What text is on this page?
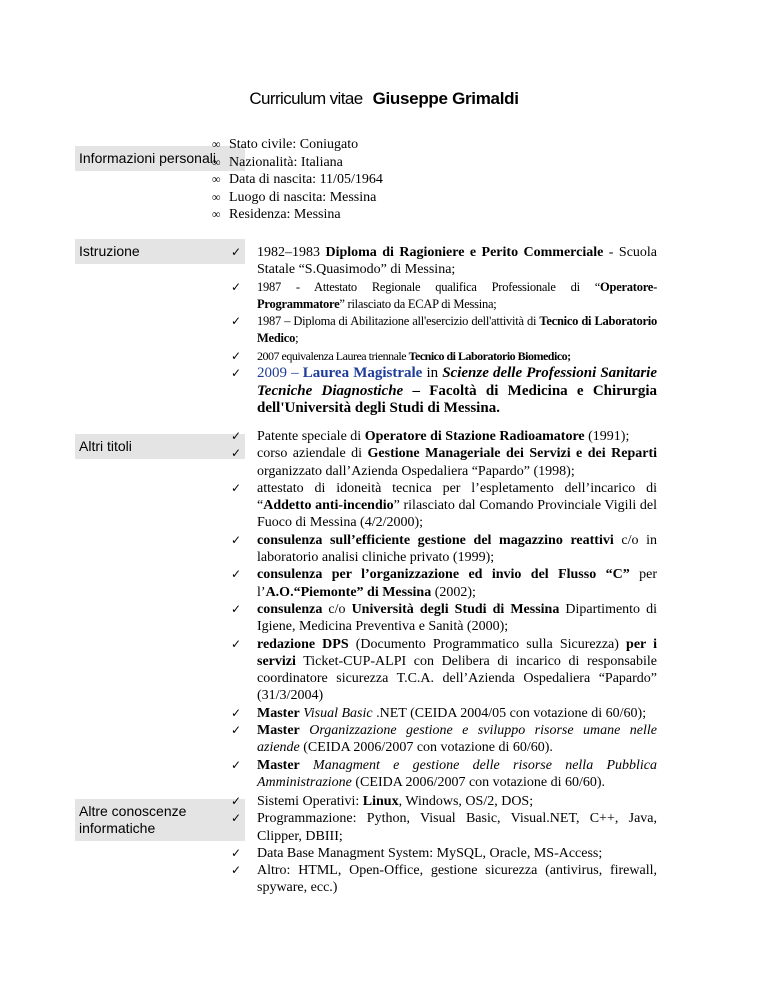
Curriculum vitae Giuseppe Grimaldi
Informazioni personali
∞ Stato civile: Coniugato
∞ Nazionalità: Italiana
∞ Data di nascita: 11/05/1964
∞ Luogo di nascita: Messina
∞ Residenza: Messina
Istruzione
✓	1982–1983 Diploma di Ragioniere e Perito Commerciale - Scuola Statale “S.Quasimodo” di Messina;
✓ 1987 - Attestato Regionale qualifica Professionale di “Operatore-Programmatore” rilasciato da ECAP di Messina;
✓ 1987 – Diploma di Abilitazione all'esercizio dell'attività di Tecnico di Laboratorio Medico;
✓ 2007 equivalenza Laurea triennale Tecnico di Laboratorio Biomedico;
✓ 2009 – Laurea Magistrale in Scienze delle Professioni Sanitarie Tecniche Diagnostiche – Facoltà di Medicina e Chirurgia dell'Università degli Studi di Messina.
Altri titoli
✓ Patente speciale di Operatore di Stazione Radioamatore (1991);
✓ corso aziendale di Gestione Manageriale dei Servizi e dei Reparti organizzato dall’Azienda Ospedaliera “Papardo” (1998);
✓ attestato di idoneità tecnica per l’espletamento dell’incarico di “Addetto anti-incendio” rilasciato dal Comando Provinciale Vigili del Fuoco di Messina (4/2/2000);
✓ consulenza sull’efficiente gestione del magazzino reattivi c/o in laboratorio analisi cliniche privato (1999);
✓ consulenza per l’organizzazione ed invio del Flusso “C” per l’A.O.“Piemonte” di Messina (2002);
✓ consulenza c/o Università degli Studi di Messina Dipartimento di Igiene, Medicina Preventiva e Sanità (2000);
✓ redazione DPS (Documento Programmatico sulla Sicurezza) per i servizi Ticket-CUP-ALPI con Delibera di incarico di responsabile coordinatore sicurezza T.C.A. dell’Azienda Ospedaliera “Papardo” (31/3/2004)
✓ Master Visual Basic .NET (CEIDA 2004/05 con votazione di 60/60);
✓ Master Organizzazione gestione e sviluppo risorse umane nelle aziende (CEIDA 2006/2007 con votazione di 60/60).
✓ Master Managment e gestione delle risorse nella Pubblica Amministrazione (CEIDA 2006/2007 con votazione di 60/60).
Altre conoscenze informatiche
✓ Sistemi Operativi: Linux, Windows, OS/2, DOS;
✓ Programmazione: Python, Visual Basic, Visual.NET, C++, Java, Clipper, DBIII;
✓ Data Base Managment System: MySQL, Oracle, MS-Access;
✓ Altro: HTML, Open-Office, gestione sicurezza (antivirus, firewall, spyware, ecc.)
